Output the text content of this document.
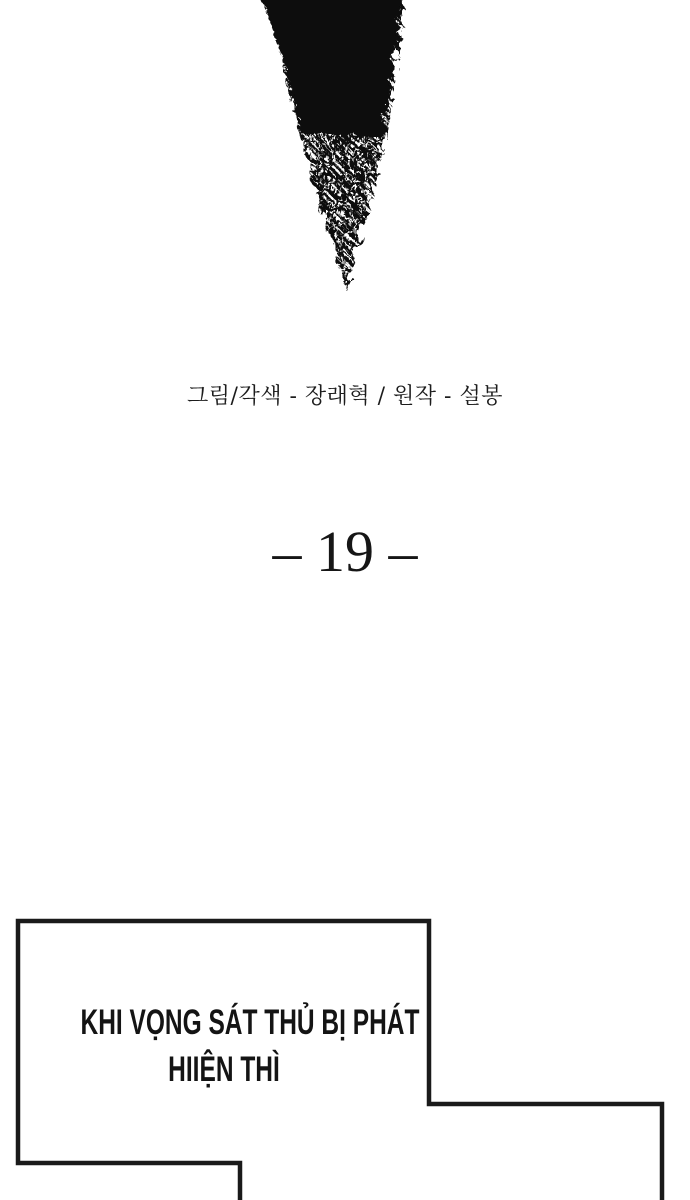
그림/각색 - 장래혁 / 원작 - 설봉
– 19 –
KHI VỌNG SÁT THỦ BỊ PHÁT
HIIỆN THÌ
